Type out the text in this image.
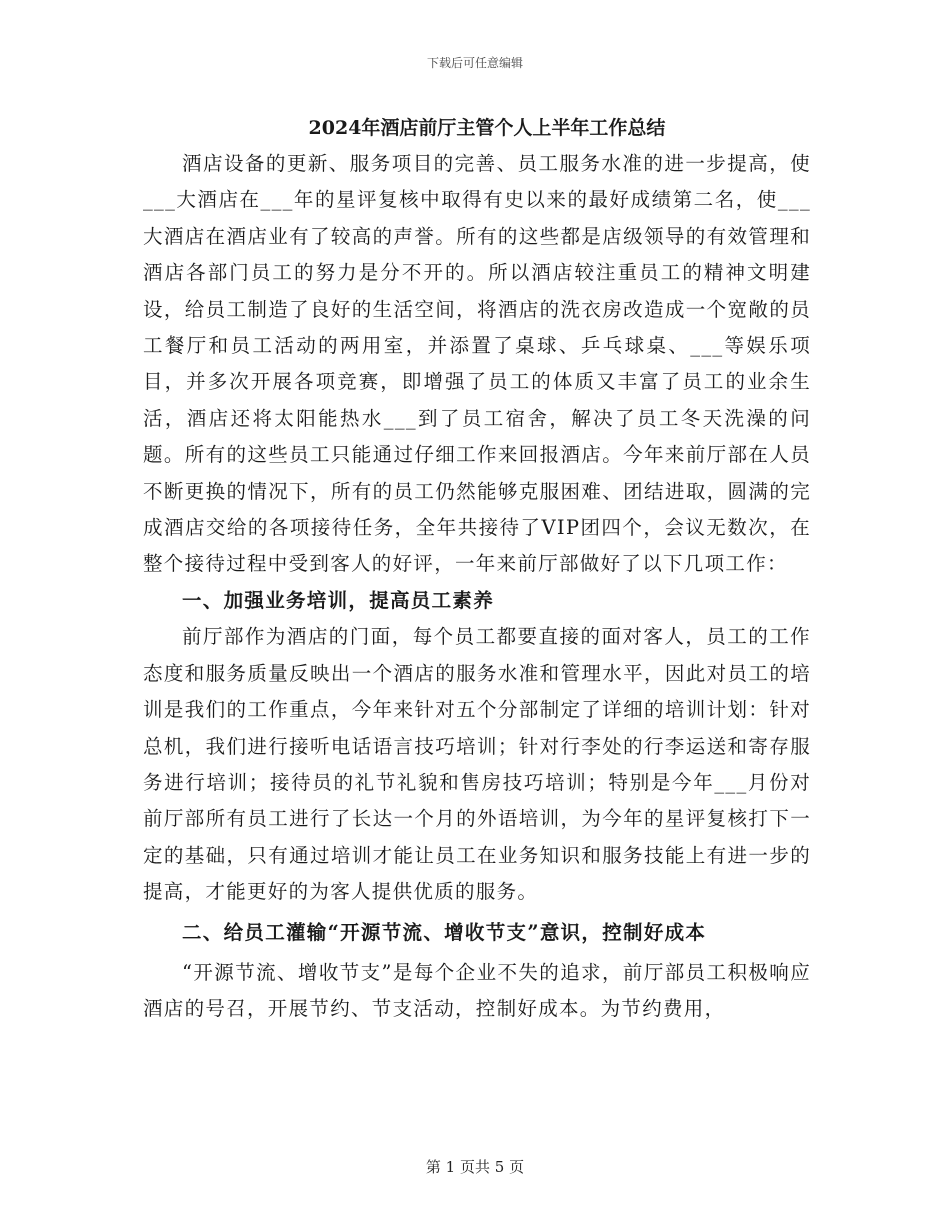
下载后可任意编辑

2024年酒店前厅主管个人上半年工作总结

酒店设备的更新、服务项目的完善、员工服务水准的进一步提高，使___大酒店在___年的星评复核中取得有史以来的最好成绩第二名，使___大酒店在酒店业有了较高的声誉。所有的这些都是店级领导的有效管理和酒店各部门员工的努力是分不开的。所以酒店较注重员工的精神文明建设，给员工制造了良好的生活空间，将酒店的洗衣房改造成一个宽敞的员工餐厅和员工活动的两用室，并添置了桌球、乒乓球桌、___等娱乐项目，并多次开展各项竞赛，即增强了员工的体质又丰富了员工的业余生活，酒店还将太阳能热水___到了员工宿舍，解决了员工冬天洗澡的问题。所有的这些员工只能通过仔细工作来回报酒店。今年来前厅部在人员不断更换的情况下，所有的员工仍然能够克服困难、团结进取，圆满的完成酒店交给的各项接待任务，全年共接待了VIP团四个，会议无数次，在整个接待过程中受到客人的好评，一年来前厅部做好了以下几项工作：

一、加强业务培训，提高员工素养

前厅部作为酒店的门面，每个员工都要直接的面对客人，员工的工作态度和服务质量反映出一个酒店的服务水准和管理水平，因此对员工的培训是我们的工作重点，今年来针对五个分部制定了详细的培训计划：针对总机，我们进行接听电话语言技巧培训；针对行李处的行李运送和寄存服务进行培训；接待员的礼节礼貌和售房技巧培训；特别是今年___月份对前厅部所有员工进行了长达一个月的外语培训，为今年的星评复核打下一定的基础，只有通过培训才能让员工在业务知识和服务技能上有进一步的提高，才能更好的为客人提供优质的服务。

二、给员工灌输“开源节流、增收节支”意识，控制好成本

“开源节流、增收节支”是每个企业不失的追求，前厅部员工积极响应酒店的号召，开展节约、节支活动，控制好成本。为节约费用，

第 1 页共 5 页
